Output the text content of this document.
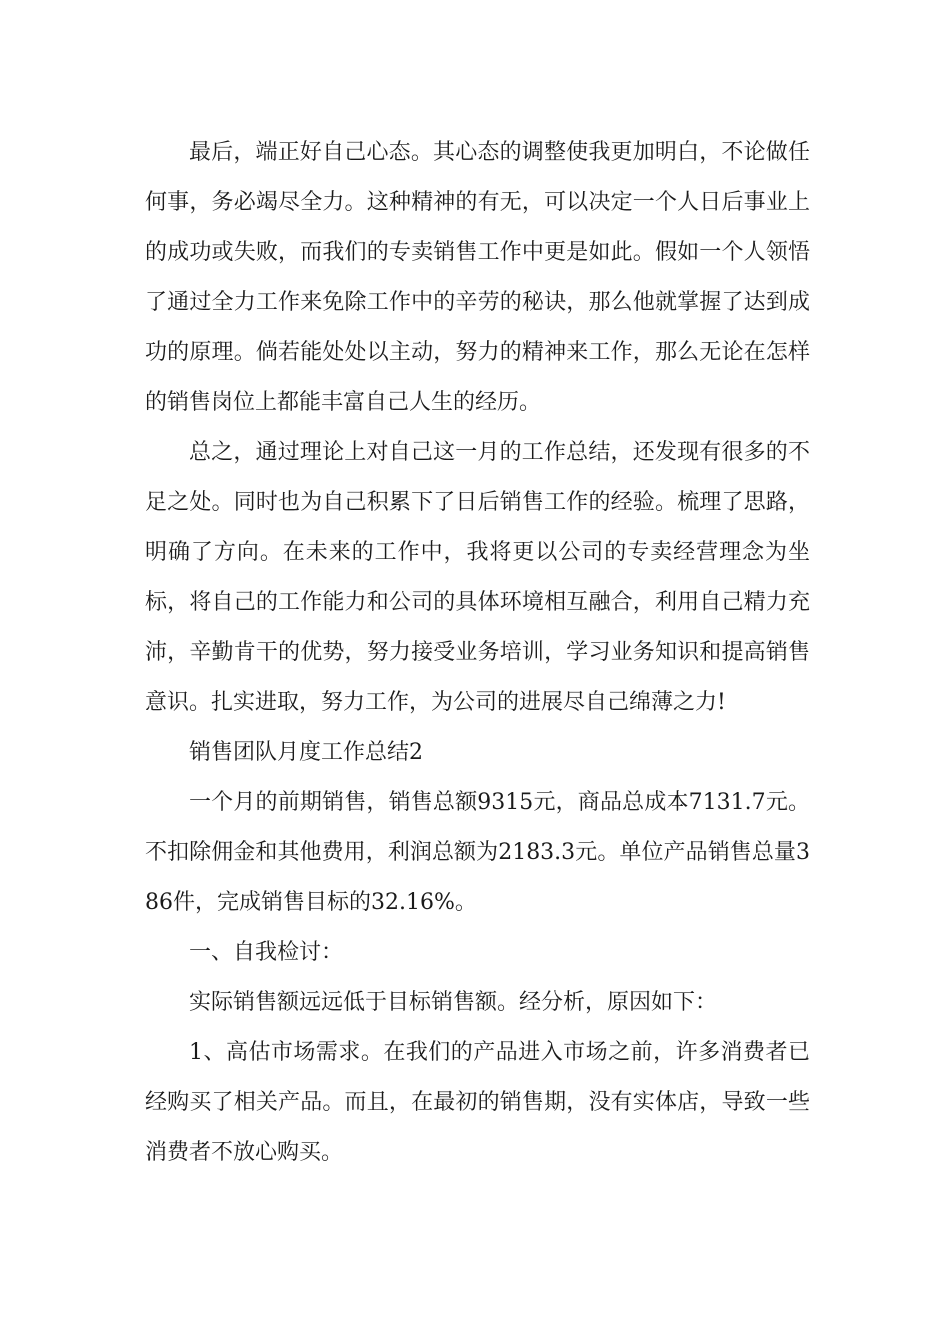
最后，端正好自己心态。其心态的调整使我更加明白，不论做任何事，务必竭尽全力。这种精神的有无，可以决定一个人日后事业上的成功或失败，而我们的专卖销售工作中更是如此。假如一个人领悟了通过全力工作来免除工作中的辛劳的秘诀，那么他就掌握了达到成功的原理。倘若能处处以主动，努力的精神来工作，那么无论在怎样的销售岗位上都能丰富自己人生的经历。

总之，通过理论上对自己这一月的工作总结，还发现有很多的不足之处。同时也为自己积累下了日后销售工作的经验。梳理了思路，明确了方向。在未来的工作中，我将更以公司的专卖经营理念为坐标，将自己的工作能力和公司的具体环境相互融合，利用自己精力充沛，辛勤肯干的优势，努力接受业务培训，学习业务知识和提高销售意识。扎实进取，努力工作，为公司的进展尽自己绵薄之力!

销售团队月度工作总结2

一个月的前期销售，销售总额9315元，商品总成本7131.7元。不扣除佣金和其他费用，利润总额为2183.3元。单位产品销售总量386件，完成销售目标的32.16%。

一、自我检讨：

实际销售额远远低于目标销售额。经分析，原因如下：

1、高估市场需求。在我们的产品进入市场之前，许多消费者已经购买了相关产品。而且，在最初的销售期，没有实体店，导致一些消费者不放心购买。
